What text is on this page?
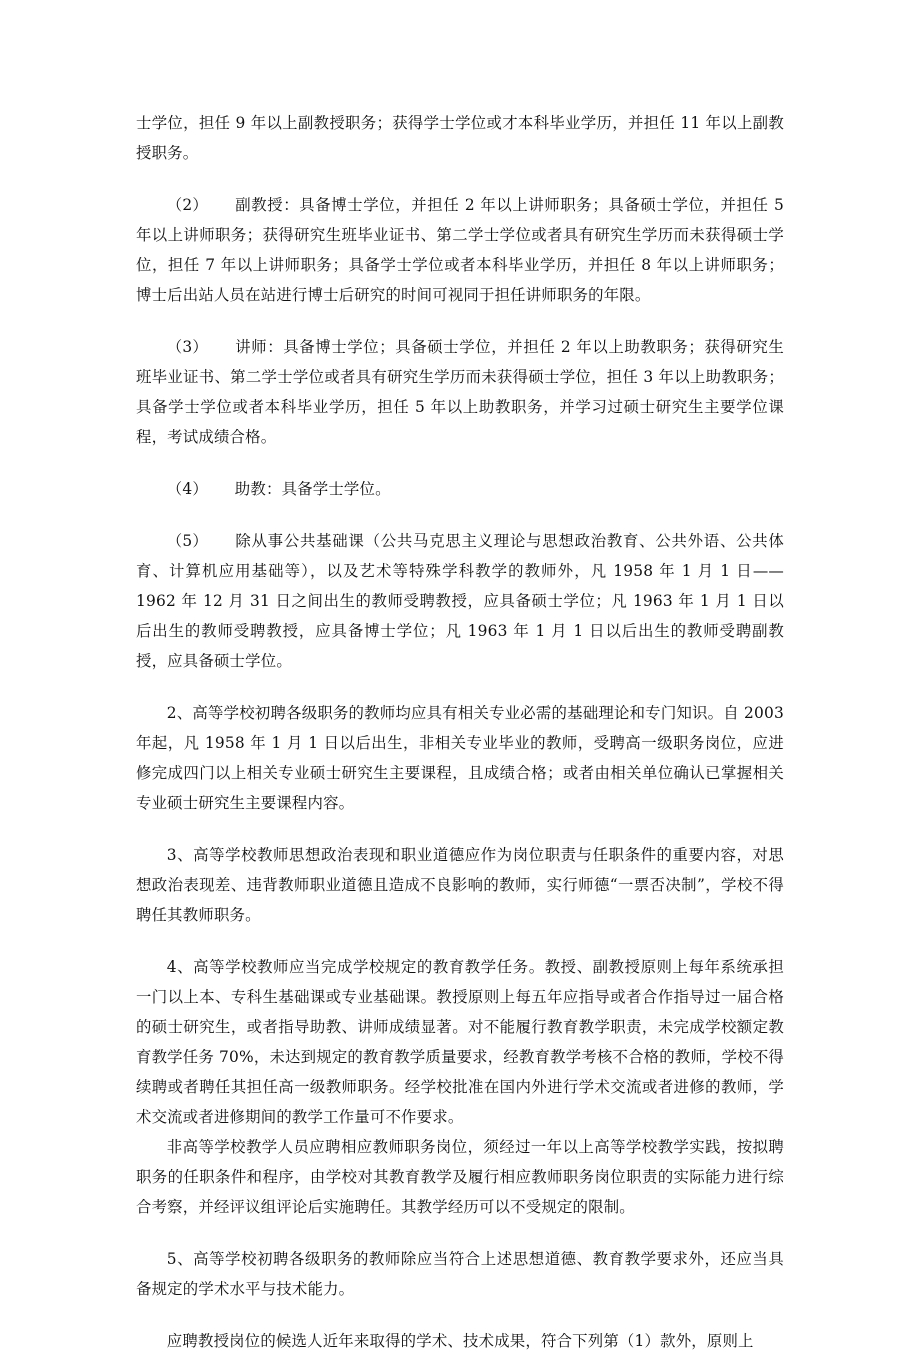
士学位，担任 9 年以上副教授职务；获得学士学位或才本科毕业学历，并担任 11 年以上副教授职务。

（2） 副教授：具备博士学位，并担任 2 年以上讲师职务；具备硕士学位，并担任 5 年以上讲师职务；获得研究生班毕业证书、第二学士学位或者具有研究生学历而未获得硕士学位，担任 7 年以上讲师职务；具备学士学位或者本科毕业学历，并担任 8 年以上讲师职务；博士后出站人员在站进行博士后研究的时间可视同于担任讲师职务的年限。

（3） 讲师：具备博士学位；具备硕士学位，并担任 2 年以上助教职务；获得研究生班毕业证书、第二学士学位或者具有研究生学历而未获得硕士学位，担任 3 年以上助教职务；具备学士学位或者本科毕业学历，担任 5 年以上助教职务，并学习过硕士研究生主要学位课程，考试成绩合格。

（4） 助教：具备学士学位。

（5） 除从事公共基础课（公共马克思主义理论与思想政治教育、公共外语、公共体育、计算机应用基础等），以及艺术等特殊学科教学的教师外，凡 1958 年 1 月 1 日——1962 年 12 月 31 日之间出生的教师受聘教授，应具备硕士学位；凡 1963 年 1 月 1 日以后出生的教师受聘教授，应具备博士学位；凡 1963 年 1 月 1 日以后出生的教师受聘副教授，应具备硕士学位。

2、高等学校初聘各级职务的教师均应具有相关专业必需的基础理论和专门知识。自 2003 年起，凡 1958 年 1 月 1 日以后出生，非相关专业毕业的教师，受聘高一级职务岗位，应进修完成四门以上相关专业硕士研究生主要课程，且成绩合格；或者由相关单位确认已掌握相关专业硕士研究生主要课程内容。

3、高等学校教师思想政治表现和职业道德应作为岗位职责与任职条件的重要内容，对思想政治表现差、违背教师职业道德且造成不良影响的教师，实行师德“一票否决制”，学校不得聘任其教师职务。

4、高等学校教师应当完成学校规定的教育教学任务。教授、副教授原则上每年系统承担一门以上本、专科生基础课或专业基础课。教授原则上每五年应指导或者合作指导过一届合格的硕士研究生，或者指导助教、讲师成绩显著。对不能履行教育教学职责，未完成学校额定教育教学任务 70%，未达到规定的教育教学质量要求，经教育教学考核不合格的教师，学校不得续聘或者聘任其担任高一级教师职务。经学校批准在国内外进行学术交流或者进修的教师，学术交流或者进修期间的教学工作量可不作要求。

非高等学校教学人员应聘相应教师职务岗位，须经过一年以上高等学校教学实践，按拟聘职务的任职条件和程序，由学校对其教育教学及履行相应教师职务岗位职责的实际能力进行综合考察，并经评议组评论后实施聘任。其教学经历可以不受规定的限制。

5、高等学校初聘各级职务的教师除应当符合上述思想道德、教育教学要求外，还应当具备规定的学术水平与技术能力。

应聘教授岗位的候选人近年来取得的学术、技术成果，符合下列第（1）款外，原则上
